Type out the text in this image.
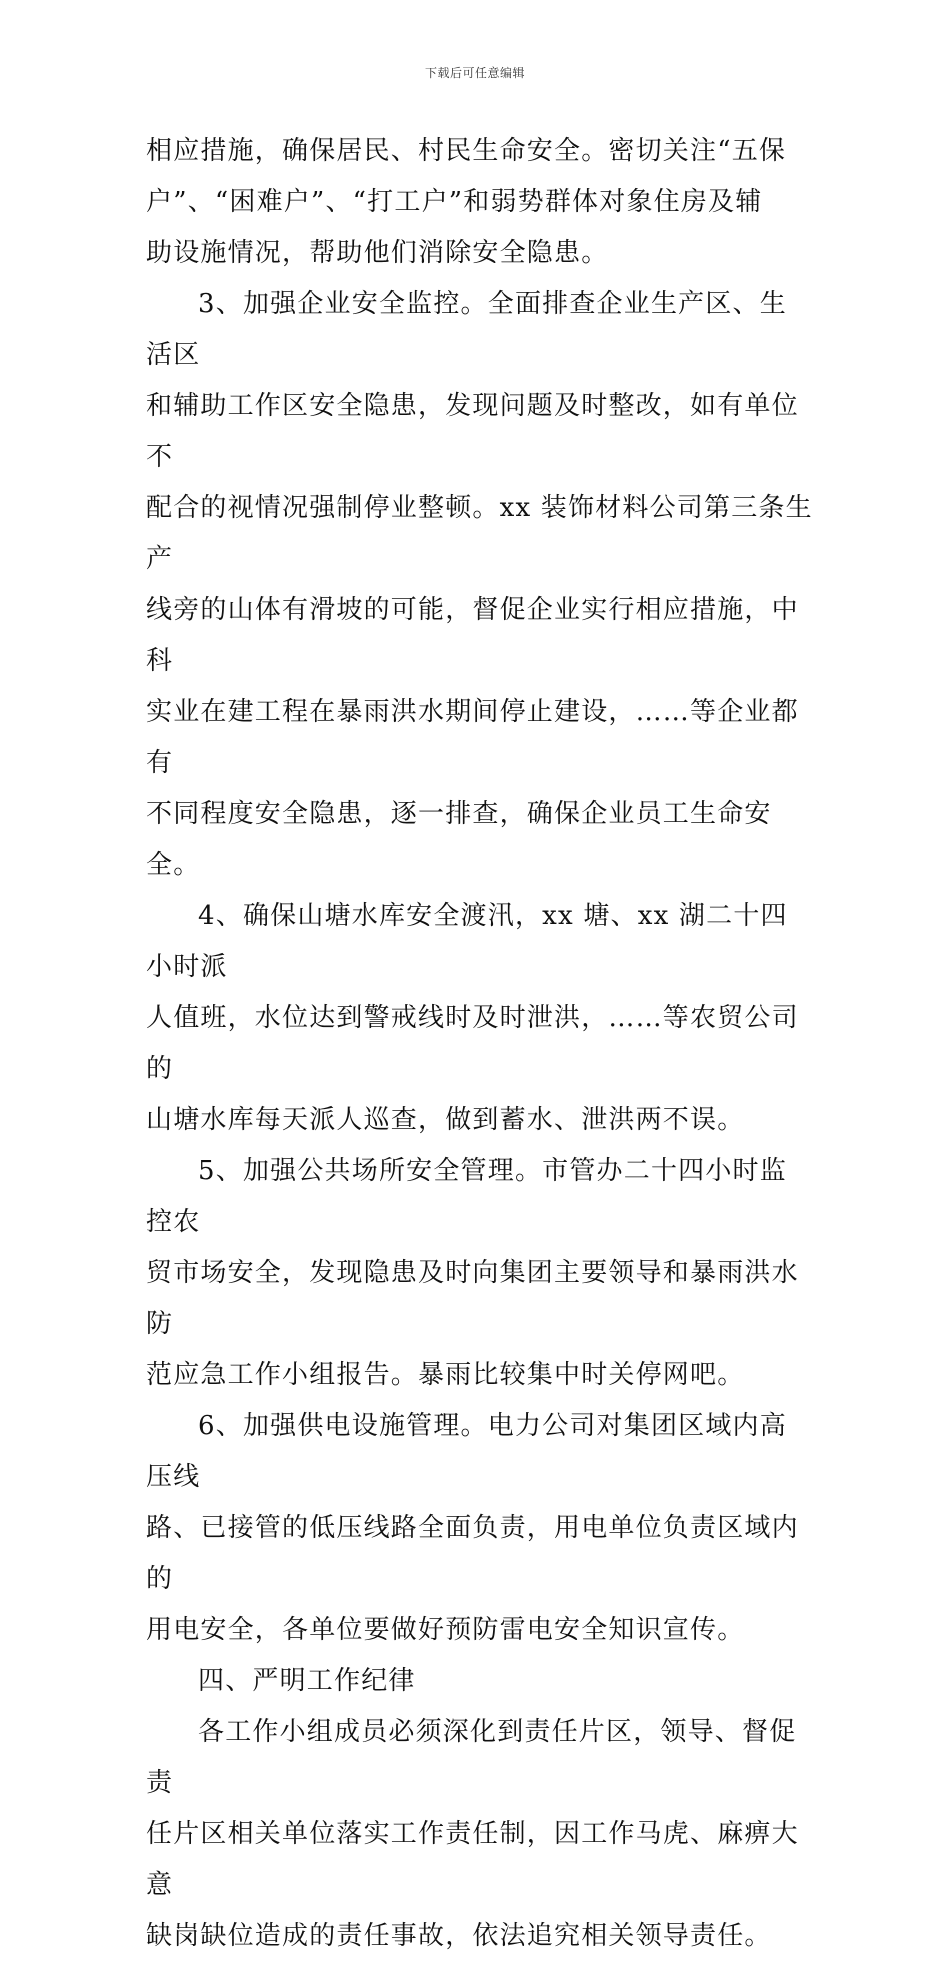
下载后可任意编辑

相应措施，确保居民、村民生命安全。密切关注“五保
户”、“困难户”、“打工户”和弱势群体对象住房及辅
助设施情况，帮助他们消除安全隐患。

3、加强企业安全监控。全面排查企业生产区、生活区
和辅助工作区安全隐患，发现问题及时整改，如有单位不
配合的视情况强制停业整顿。xx 装饰材料公司第三条生产
线旁的山体有滑坡的可能，督促企业实行相应措施，中科
实业在建工程在暴雨洪水期间停止建设，……等企业都有
不同程度安全隐患，逐一排查，确保企业员工生命安全。

4、确保山塘水库安全渡汛，xx 塘、xx 湖二十四小时派
人值班，水位达到警戒线时及时泄洪，……等农贸公司的
山塘水库每天派人巡查，做到蓄水、泄洪两不误。

5、加强公共场所安全管理。市管办二十四小时监控农
贸市场安全，发现隐患及时向集团主要领导和暴雨洪水防
范应急工作小组报告。暴雨比较集中时关停网吧。

6、加强供电设施管理。电力公司对集团区域内高压线
路、已接管的低压线路全面负责，用电单位负责区域内的
用电安全，各单位要做好预防雷电安全知识宣传。

四、严明工作纪律

各工作小组成员必须深化到责任片区，领导、督促责
任片区相关单位落实工作责任制，因工作马虎、麻痹大意
缺岗缺位造成的责任事故，依法追究相关领导责任。
